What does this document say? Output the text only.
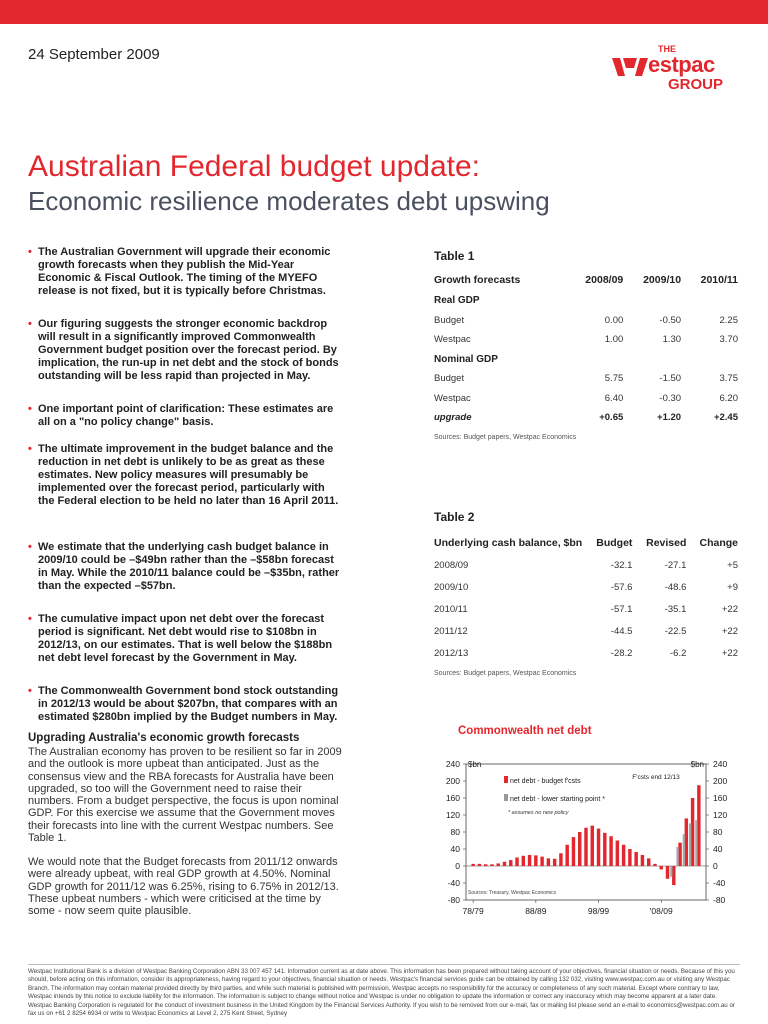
24 September 2009	THE
estpac
GROUP
Australian Federal budget update:
Economic resilience moderates debt upswing
• The Australian Government will upgrade their economic growth forecasts when they publish the Mid-Year Economic & Fiscal Outlook. The timing of the MYEFO release is not fixed, but it is typically before Christmas.
• Our figuring suggests the stronger economic backdrop will result in a significantly improved Commonwealth Government budget position over the forecast period. By implication, the run-up in net debt and the stock of bonds outstanding will be less rapid than projected in May.
• One important point of clarification: These estimates are all on a "no policy change" basis.
• The ultimate improvement in the budget balance and the reduction in net debt is unlikely to be as great as these estimates. New policy measures will presumably be implemented over the forecast period, particularly with the Federal election to be held no later than 16 April 2011.
• We estimate that the underlying cash budget balance in 2009/10 could be –$49bn rather than the –$58bn forecast in May. While the 2010/11 balance could be –$35bn, rather than the expected –$57bn.
• The cumulative impact upon net debt over the forecast period is significant. Net debt would rise to $108bn in 2012/13, on our estimates. That is well below the $188bn net debt level forecast by the Government in May.
• The Commonwealth Government bond stock outstanding in 2012/13 would be about $207bn, that compares with an estimated $280bn implied by the Budget numbers in May.
Upgrading Australia's economic growth forecasts
The Australian economy has proven to be resilient so far in 2009 and the outlook is more upbeat than anticipated. Just as the consensus view and the RBA forecasts for Australia have been upgraded, so too will the Government need to raise their numbers. From a budget perspective, the focus is upon nominal GDP. For this exercise we assume that the Government moves their forecasts into line with the current Westpac numbers. See Table 1.
We would note that the Budget forecasts from 2011/12 onwards were already upbeat, with real GDP growth at 4.50%. Nominal GDP growth for 2011/12 was 6.25%, rising to 6.75% in 2012/13. These upbeat numbers - which were criticised at the time by some - now seem quite plausible.
Table 1
Growth forecasts	2008/09	2009/10	2010/11
Real GDP			
Budget	0.00	-0.50	2.25
Westpac	1.00	1.30	3.70
Nominal GDP			
Budget	5.75	-1.50	3.75
Westpac	6.40	-0.30	6.20
upgrade	+0.65	+1.20	+2.45
Sources: Budget papers, Westpac Economics
Table 2
Underlying cash balance, $bn	Budget	Revised	Change
2008/09	-32.1	-27.1	+5
2009/10	-57.6	-48.6	+9
2010/11	-57.1	-35.1	+22
2011/12	-44.5	-22.5	+22
2012/13	-28.2	-6.2	+22
Sources: Budget papers, Westpac Economics
Commonwealth net debt
240	240
200	200
160	160
120	120
80	80
40	40
0	0
-40	-40
-80	-80
$bn	$bn
78/79	88/89	98/99	'08/09
net debt - budget f'csts
net debt - lower starting point *
* assumes no new policy
F'csts end 12/13
Sources: Treasury, Westpac Economics
Westpac Institutional Bank is a division of Westpac Banking Corporation ABN 33 007 457 141. Information current as at date above. This information has been prepared without taking account of your objectives, financial situation or needs. Because of this you should, before acting on this information, consider its appropriateness, having regard to your objectives, financial situation or needs. Westpac's financial services guide can be obtained by calling 132 032, visiting www.westpac.com.au or visiting any Westpac Branch. The information may contain material provided directly by third parties, and while such material is published with permission, Westpac accepts no responsibility for the accuracy or completeness of any such material. Except where contrary to law, Westpac intends by this notice to exclude liability for the information. The information is subject to change without notice and Westpac is under no obligation to update the information or correct any inaccuracy which may become apparent at a later date. Westpac Banking Corporation is regulated for the conduct of investment business in the United Kingdom by the Financial Services Authority. If you wish to be removed from our e-mail, fax or mailing list please send an e-mail to economics@westpac.com.au or fax us on +61 2 8254 6934 or write to Westpac Economics at Level 2, 275 Kent Street, Sydney
